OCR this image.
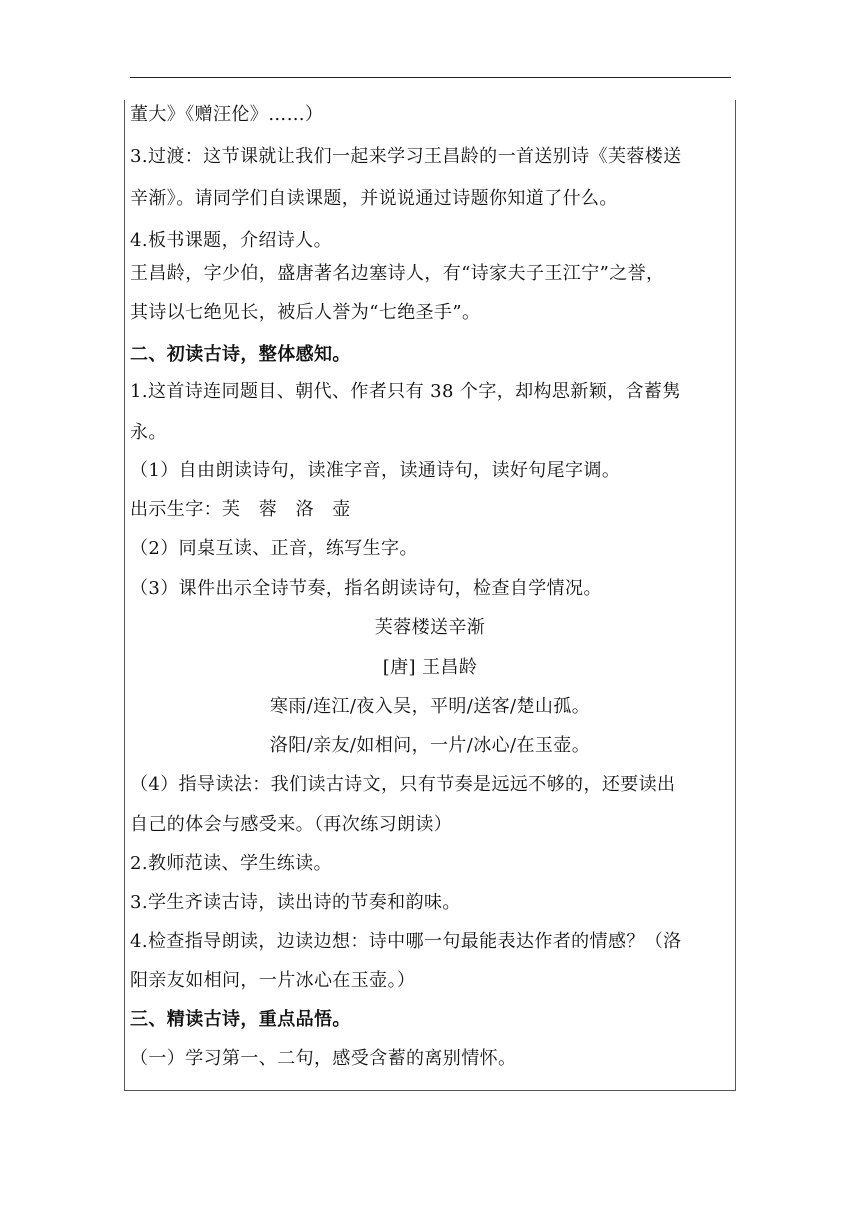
董大》《赠汪伦》……）
3.过渡：这节课就让我们一起来学习王昌龄的一首送别诗《芙蓉楼送
辛渐》。请同学们自读课题，并说说通过诗题你知道了什么。
4.板书课题，介绍诗人。
王昌龄，字少伯，盛唐著名边塞诗人，有“诗家夫子王江宁”之誉，
其诗以七绝见长，被后人誉为“七绝圣手”。
二、初读古诗，整体感知。
1.这首诗连同题目、朝代、作者只有 38 个字，却构思新颖，含蓄隽
永。
（1）自由朗读诗句，读准字音，读通诗句，读好句尾字调。
出示生字：芙　蓉　洛　壶
（2）同桌互读、正音，练写生字。
（3）课件出示全诗节奏，指名朗读诗句，检查自学情况。
芙蓉楼送辛渐
[唐] 王昌龄
寒雨/连江/夜入吴，平明/送客/楚山孤。
洛阳/亲友/如相问，一片/冰心/在玉壶。
（4）指导读法：我们读古诗文，只有节奏是远远不够的，还要读出
自己的体会与感受来。（再次练习朗读）
2.教师范读、学生练读。
3.学生齐读古诗，读出诗的节奏和韵味。
4.检查指导朗读，边读边想：诗中哪一句最能表达作者的情感？（洛
阳亲友如相问，一片冰心在玉壶。）
三、精读古诗，重点品悟。
（一）学习第一、二句，感受含蓄的离别情怀。
